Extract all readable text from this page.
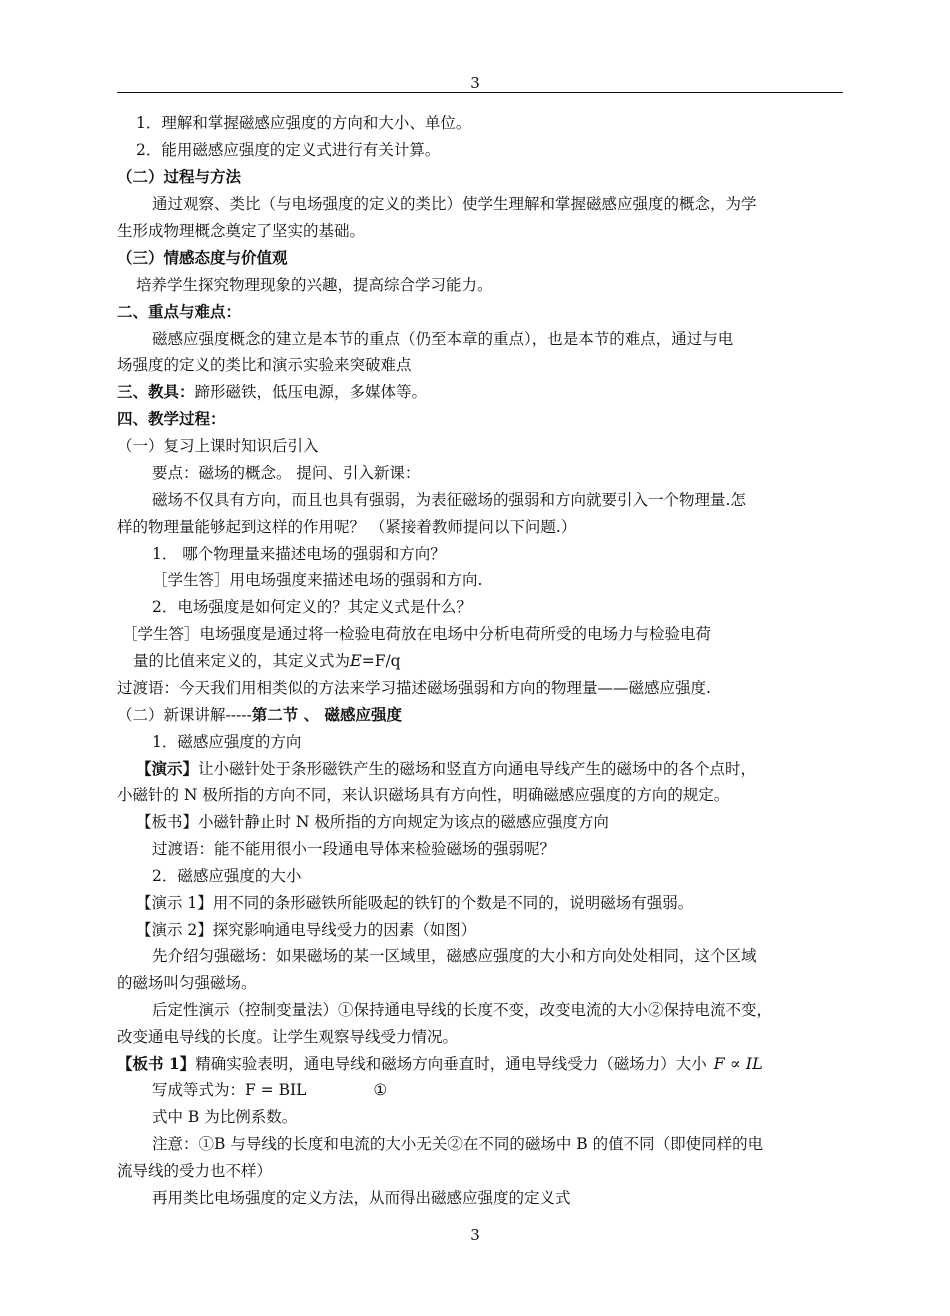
3
1．理解和掌握磁感应强度的方向和大小、单位。
2．能用磁感应强度的定义式进行有关计算。
（二）过程与方法
通过观察、类比（与电场强度的定义的类比）使学生理解和掌握磁感应强度的概念，为学
生形成物理概念奠定了坚实的基础。
（三）情感态度与价值观
培养学生探究物理现象的兴趣，提高综合学习能力。
二、重点与难点：
磁感应强度概念的建立是本节的重点（仍至本章的重点），也是本节的难点，通过与电
场强度的定义的类比和演示实验来突破难点
三、教具：蹄形磁铁，低压电源，多媒体等。
四、教学过程：
（一）复习上课时知识后引入
要点：磁场的概念。 提问、引入新课：
磁场不仅具有方向，而且也具有强弱，为表征磁场的强弱和方向就要引入一个物理量.怎
样的物理量能够起到这样的作用呢？ （紧接着教师提问以下问题.）
1． 哪个物理量来描述电场的强弱和方向？
［学生答］用电场强度来描述电场的强弱和方向.
2．电场强度是如何定义的？其定义式是什么？
［学生答］电场强度是通过将一检验电荷放在电场中分析电荷所受的电场力与检验电荷
量的比值来定义的，其定义式为E=F/q
过渡语：今天我们用相类似的方法来学习描述磁场强弱和方向的物理量——磁感应强度.
（二）新课讲解-----第二节 、 磁感应强度
1．磁感应强度的方向
【演示】让小磁针处于条形磁铁产生的磁场和竖直方向通电导线产生的磁场中的各个点时，
小磁针的 N 极所指的方向不同，来认识磁场具有方向性，明确磁感应强度的方向的规定。
【板书】小磁针静止时 N 极所指的方向规定为该点的磁感应强度方向
过渡语：能不能用很小一段通电导体来检验磁场的强弱呢？
2．磁感应强度的大小
【演示 1】用不同的条形磁铁所能吸起的铁钉的个数是不同的，说明磁场有强弱。
【演示 2】探究影响通电导线受力的因素（如图）
先介绍匀强磁场：如果磁场的某一区域里，磁感应强度的大小和方向处处相同，这个区域
的磁场叫匀强磁场。
后定性演示（控制变量法）①保持通电导线的长度不变，改变电流的大小②保持电流不变，
改变通电导线的长度。让学生观察导线受力情况。
【板书 1】精确实验表明，通电导线和磁场方向垂直时，通电导线受力（磁场力）大小 F ∝ IL
写成等式为：F = BIL	①
式中 B 为比例系数。
注意：①B 与导线的长度和电流的大小无关②在不同的磁场中 B 的值不同（即使同样的电
流导线的受力也不样）
再用类比电场强度的定义方法，从而得出磁感应强度的定义式
3
